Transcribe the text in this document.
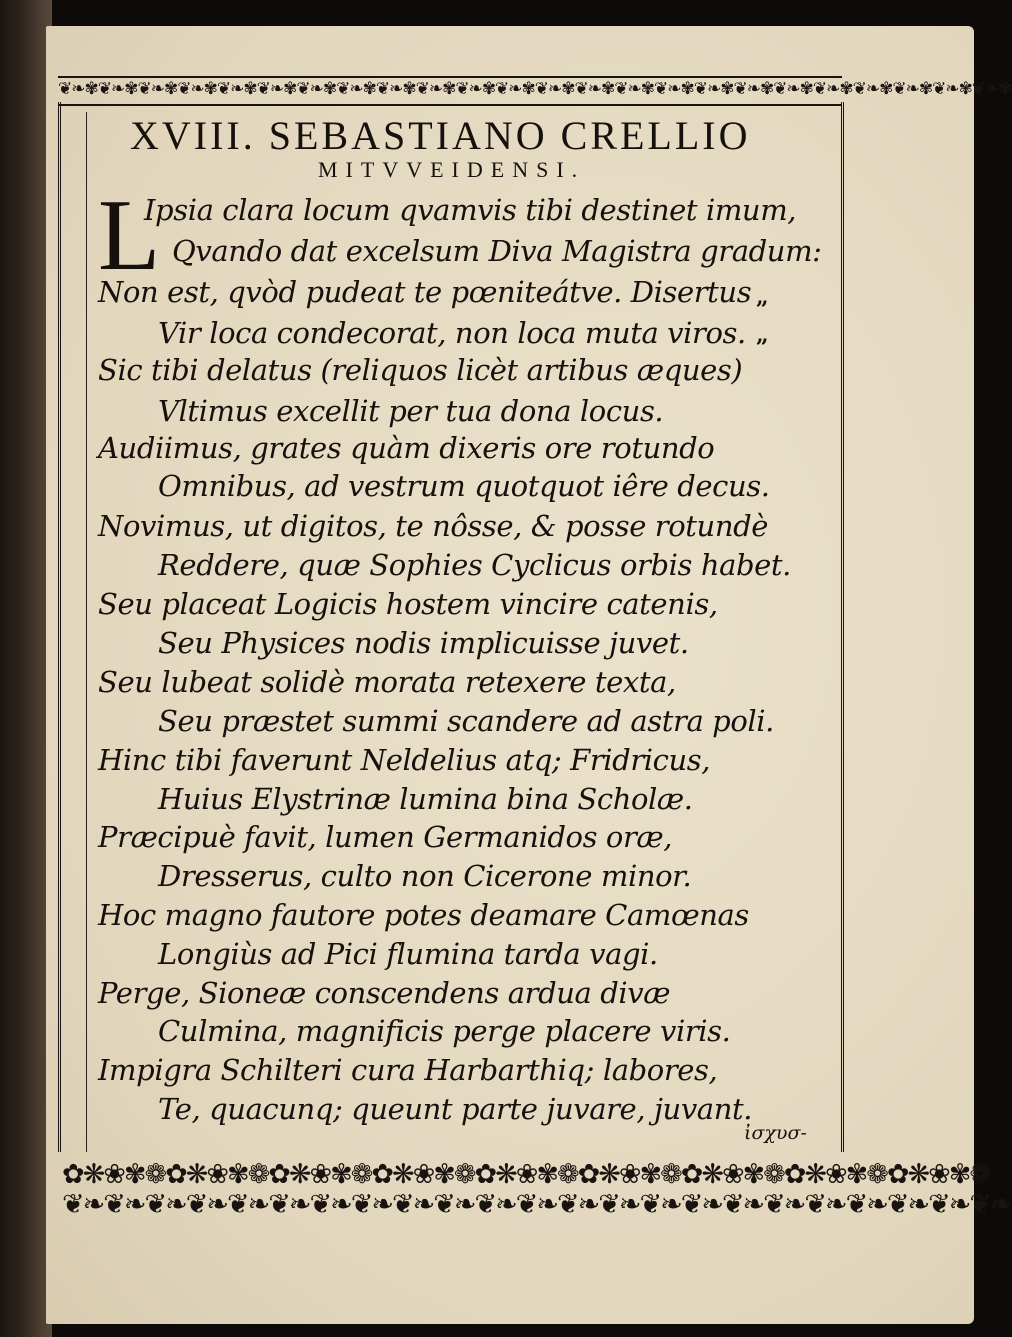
❦❧✾❦❧✾❦❧✾❦❧✾❦❧✾❦❧✾❦❧✾❦❧✾❦❧✾❦❧✾❦❧✾❦❧✾❦❧✾❦❧✾❦❧✾❦❧✾❦❧✾❦❧✾❦❧✾❦❧✾❦❧✾❦❧✾❦❧✾❦❧✾
XVIII. SEBASTIANO CRELLIO
MITVVEIDENSI.
L
Ipsia clara locum qvamvis tibi destinet imum,
Qvando dat excelsum Diva Magistra gradum:
Non est, qvòd pudeat te pœniteátve. Disertus
Vir loca condecorat, non loca muta viros.
Sic tibi delatus (reliquos licèt artibus æques)
Vltimus excellit per tua dona locus.
Audiimus, grates quàm dixeris ore rotundo
Omnibus, ad vestrum quotquot iêre decus.
Novimus, ut digitos, te nôsse, & posse rotundè
Reddere, quæ Sophies Cyclicus orbis habet.
Seu placeat Logicis hostem vincire catenis,
Seu Physices nodis implicuisse juvet.
Seu lubeat solidè morata retexere texta,
Seu præstet summi scandere ad astra poli.
Hinc tibi faverunt Neldelius atq; Fridricus,
Huius Elystrinæ lumina bina Scholæ.
Præcipuè favit, lumen Germanidos oræ,
Dresserus, culto non Cicerone minor.
Hoc magno fautore potes deamare Camœnas
Longiùs ad Pici flumina tarda vagi.
Perge, Sioneæ conscendens ardua divæ
Culmina, magnificis perge placere viris.
Impigra Schilteri cura Harbarthiq; labores,
Te, quacunq; queunt parte juvare, juvant.
„
„
ἰσχυσ-
✿❋❀✾❁✿❋❀✾❁✿❋❀✾❁✿❋❀✾❁✿❋❀✾❁✿❋❀✾❁✿❋❀✾❁✿❋❀✾❁✿❋❀✾❁
❦❧❦❧❦❧❦❧❦❧❦❧❦❧❦❧❦❧❦❧❦❧❦❧❦❧❦❧❦❧❦❧❦❧❦❧❦❧❦❧❦❧❦❧❦❧
